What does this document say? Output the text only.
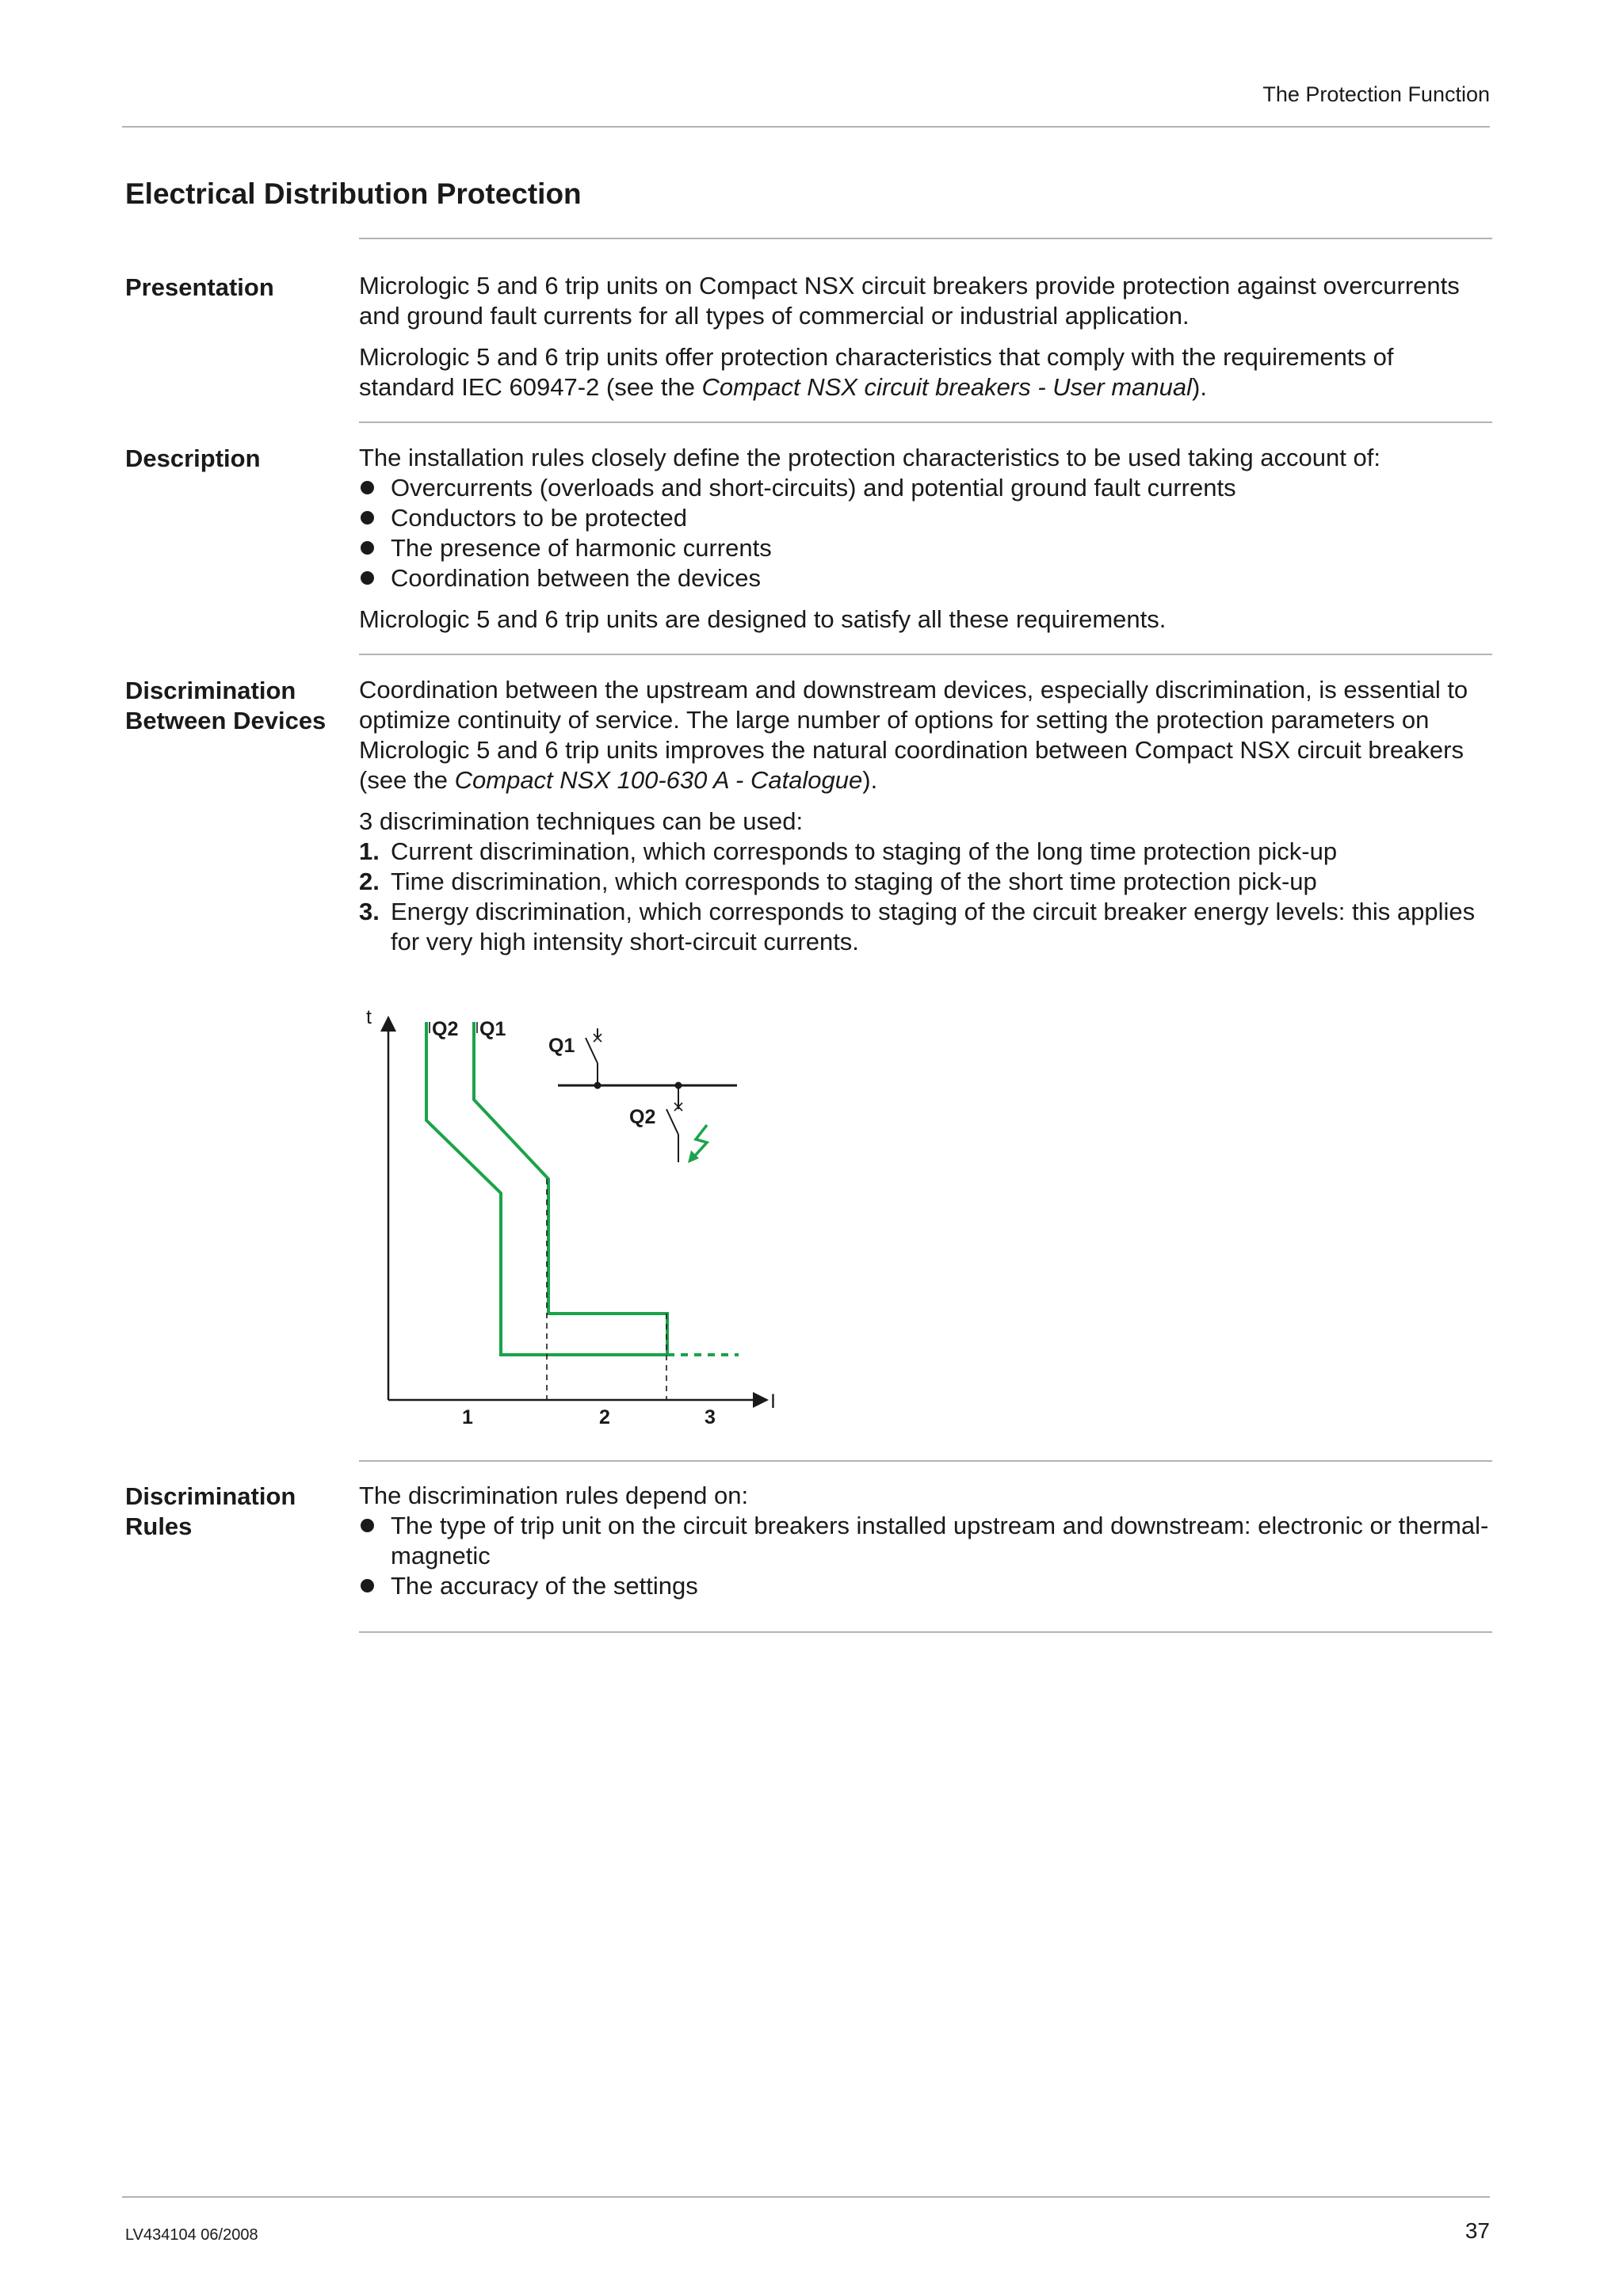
The Protection Function
Electrical Distribution Protection
Presentation	Micrologic 5 and 6 trip units on Compact NSX circuit breakers provide protection against overcurrents and ground fault currents for all types of commercial or industrial application.

Micrologic 5 and 6 trip units offer protection characteristics that comply with the requirements of standard IEC 60947-2 (see the Compact NSX circuit breakers - User manual).

Description	The installation rules closely define the protection characteristics to be used taking account of:

Overcurrents (overloads and short-circuits) and potential ground fault currents
Conductors to be protected
The presence of harmonic currents
Coordination between the devices

Micrologic 5 and 6 trip units are designed to satisfy all these requirements.

Discrimination
Between Devices

Coordination between the upstream and downstream devices, especially discrimination, is essential to optimize continuity of service. The large number of options for setting the protection parameters on Micrologic 5 and 6 trip units improves the natural coordination between Compact NSX circuit breakers (see the Compact NSX 100-630 A - Catalogue).

3 discrimination techniques can be used:

1. Current discrimination, which corresponds to staging of the long time protection pick-up
2. Time discrimination, which corresponds to staging of the short time protection pick-up
3. Energy discrimination, which corresponds to staging of the circuit breaker energy levels: this applies for very high intensity short-circuit currents.
t
I
Q2 Q1
Q1
Q2
1	2	3
Discrimination
Rules

The discrimination rules depend on:

The type of trip unit on the circuit breakers installed upstream and downstream: electronic or thermal-magnetic
The accuracy of the settings
LV434104 06/2008	37
